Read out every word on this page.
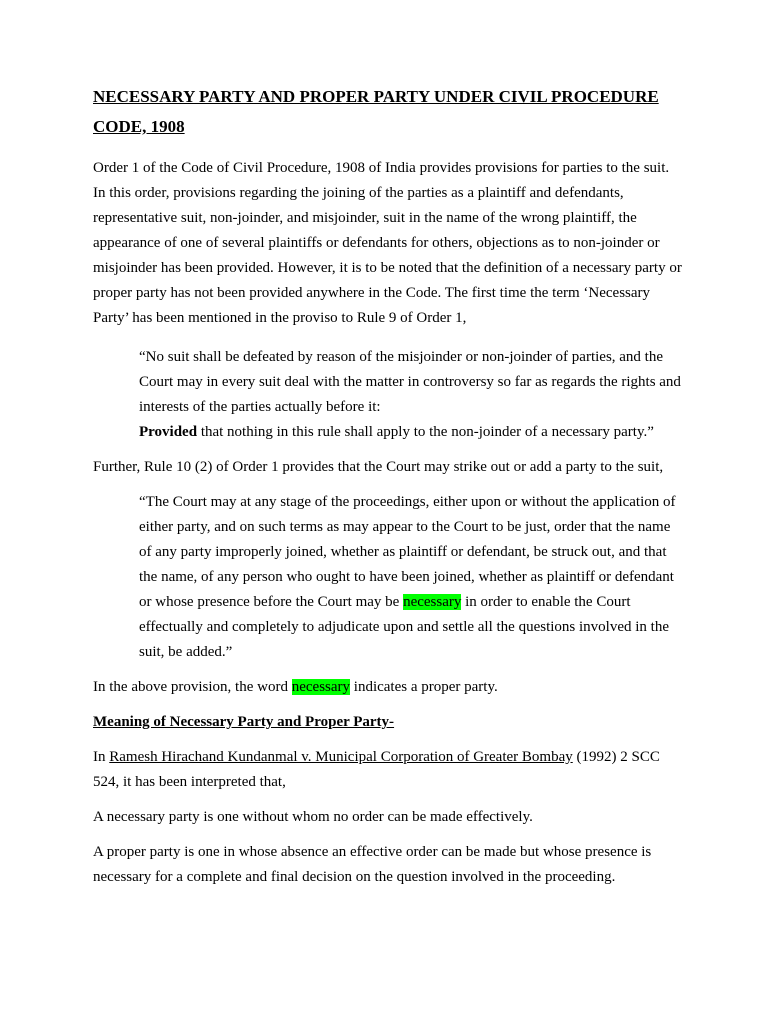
NECESSARY PARTY AND PROPER PARTY UNDER CIVIL PROCEDURE CODE, 1908

Order 1 of the Code of Civil Procedure, 1908 of India provides provisions for parties to the suit. In this order, provisions regarding the joining of the parties as a plaintiff and defendants, representative suit, non-joinder, and misjoinder, suit in the name of the wrong plaintiff, the appearance of one of several plaintiffs or defendants for others, objections as to non-joinder or misjoinder has been provided. However, it is to be noted that the definition of a necessary party or proper party has not been provided anywhere in the Code. The first time the term ‘Necessary Party’ has been mentioned in the proviso to Rule 9 of Order 1,

“No suit shall be defeated by reason of the misjoinder or non-joinder of parties, and the Court may in every suit deal with the matter in controversy so far as regards the rights and interests of the parties actually before it:

Provided that nothing in this rule shall apply to the non-joinder of a necessary party.”

Further, Rule 10 (2) of Order 1 provides that the Court may strike out or add a party to the suit,

“The Court may at any stage of the proceedings, either upon or without the application of either party, and on such terms as may appear to the Court to be just, order that the name of any party improperly joined, whether as plaintiff or defendant, be struck out, and that the name, of any person who ought to have been joined, whether as plaintiff or defendant or whose presence before the Court may be necessary in order to enable the Court effectually and completely to adjudicate upon and settle all the questions involved in the suit, be added.”

In the above provision, the word necessary indicates a proper party.

Meaning of Necessary Party and Proper Party-

In Ramesh Hirachand Kundanmal v. Municipal Corporation of Greater Bombay (1992) 2 SCC 524, it has been interpreted that,

A necessary party is one without whom no order can be made effectively.

A proper party is one in whose absence an effective order can be made but whose presence is necessary for a complete and final decision on the question involved in the proceeding.
